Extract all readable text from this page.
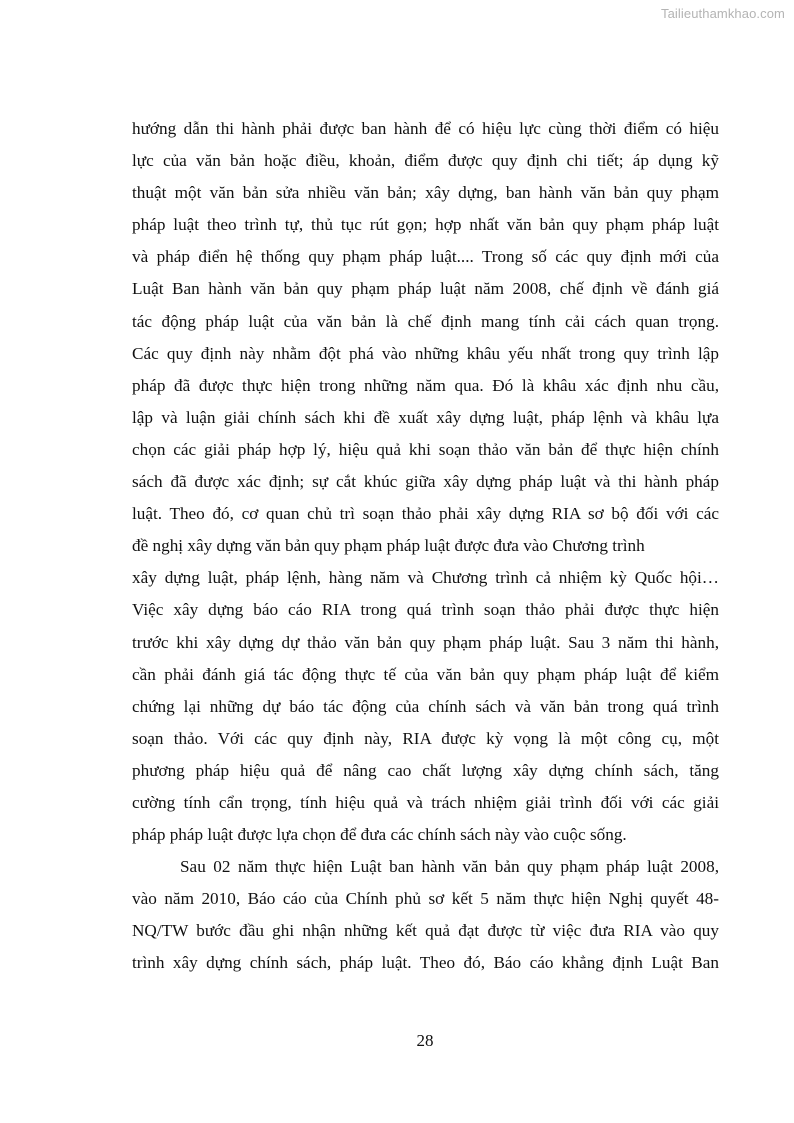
Tailieuthamkhao.com
hướng dẫn thi hành phải được ban hành để có hiệu lực cùng thời điểm có hiệu
lực của văn bản hoặc điều, khoản, điểm được quy định chi tiết; áp dụng kỹ
thuật một văn bản sửa nhiều văn bản; xây dựng, ban hành văn bản quy phạm
pháp luật theo trình tự, thủ tục rút gọn; hợp nhất văn bản quy phạm pháp luật
và pháp điển hệ thống quy phạm pháp luật.... Trong số các quy định mới của
Luật Ban hành văn bản quy phạm pháp luật năm 2008, chế định về đánh giá
tác động pháp luật của văn bản là chế định mang tính cải cách quan trọng.
Các quy định này nhằm đột phá vào những khâu yếu nhất trong quy trình lập
pháp đã được thực hiện trong những năm qua. Đó là khâu xác định nhu cầu,
lập và luận giải chính sách khi đề xuất xây dựng luật, pháp lệnh và khâu lựa
chọn các giải pháp hợp lý, hiệu quả khi soạn thảo văn bản để thực hiện chính
sách đã được xác định; sự cắt khúc giữa xây dựng pháp luật và thi hành pháp
luật. Theo đó, cơ quan chủ trì soạn thảo phải xây dựng RIA sơ bộ đối với các
đề nghị xây dựng văn bản quy phạm pháp luật được đưa vào Chương trình
xây dựng luật, pháp lệnh, hàng năm và Chương trình cả nhiệm kỳ Quốc hội…
Việc xây dựng báo cáo RIA trong quá trình soạn thảo phải được thực hiện
trước khi xây dựng dự thảo văn bản quy phạm pháp luật. Sau 3 năm thi hành,
cần phải đánh giá tác động thực tế của văn bản quy phạm pháp luật để kiểm
chứng lại những dự báo tác động của chính sách và văn bản trong quá trình
soạn thảo. Với các quy định này, RIA được kỳ vọng là một công cụ, một
phương pháp hiệu quả để nâng cao chất lượng xây dựng chính sách, tăng
cường tính cẩn trọng, tính hiệu quả và trách nhiệm giải trình đối với các giải
pháp pháp luật được lựa chọn để đưa các chính sách này vào cuộc sống.
Sau 02 năm thực hiện Luật ban hành văn bản quy phạm pháp luật 2008,
vào năm 2010, Báo cáo của Chính phủ sơ kết 5 năm thực hiện Nghị quyết 48-
NQ/TW bước đầu ghi nhận những kết quả đạt được từ việc đưa RIA vào quy
trình xây dựng chính sách, pháp luật. Theo đó, Báo cáo khẳng định Luật Ban
28
